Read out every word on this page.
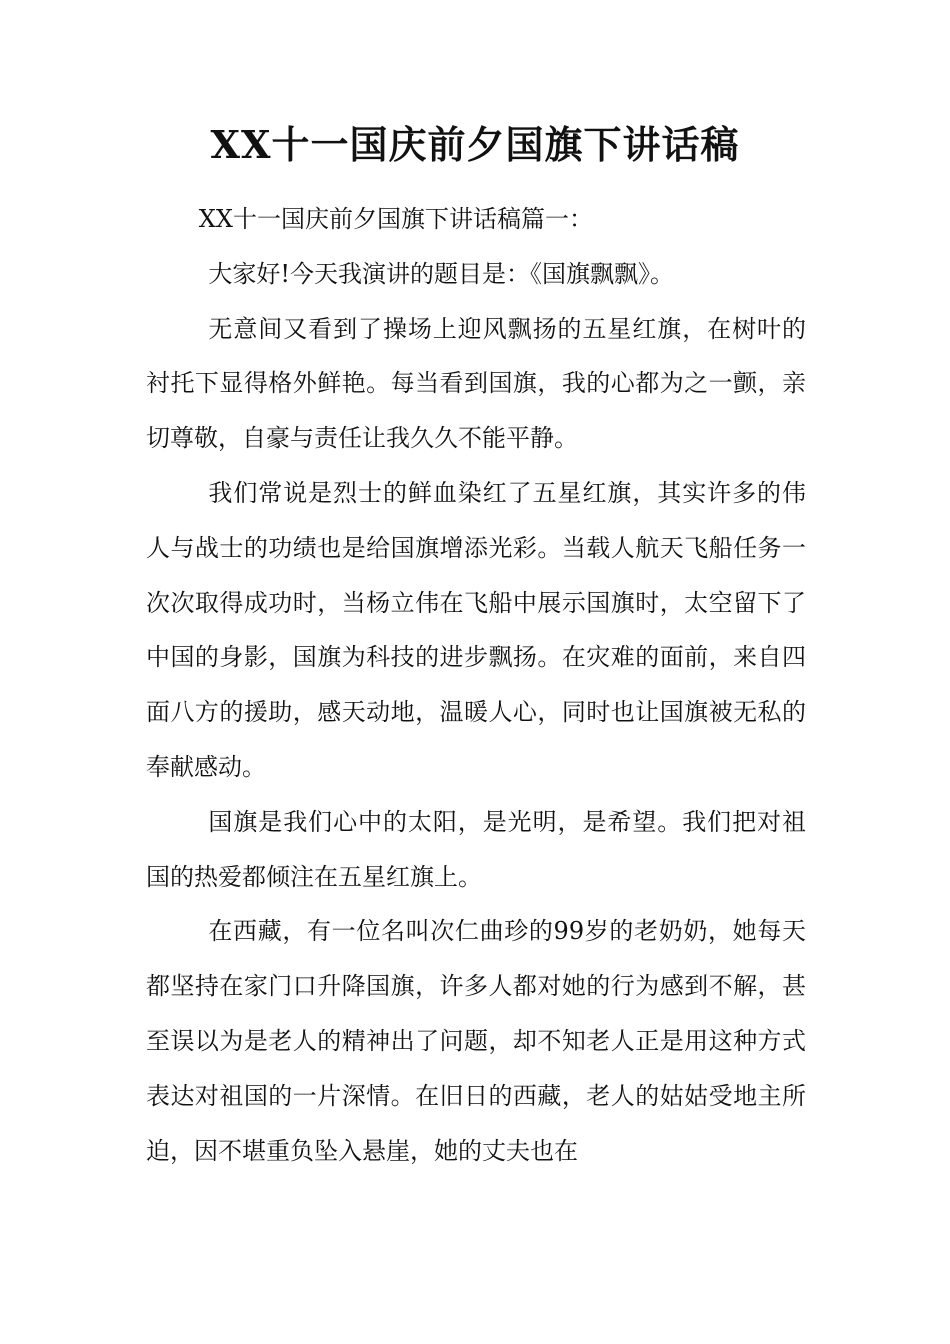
XX十一国庆前夕国旗下讲话稿

XX十一国庆前夕国旗下讲话稿篇一：

大家好!今天我演讲的题目是：《国旗飘飘》。

无意间又看到了操场上迎风飘扬的五星红旗，在树叶的衬托下显得格外鲜艳。每当看到国旗，我的心都为之一颤，亲切尊敬，自豪与责任让我久久不能平静。

我们常说是烈士的鲜血染红了五星红旗，其实许多的伟人与战士的功绩也是给国旗增添光彩。当载人航天飞船任务一次次取得成功时，当杨立伟在飞船中展示国旗时，太空留下了中国的身影，国旗为科技的进步飘扬。在灾难的面前，来自四面八方的援助，感天动地，温暖人心，同时也让国旗被无私的奉献感动。

国旗是我们心中的太阳，是光明，是希望。我们把对祖国的热爱都倾注在五星红旗上。

在西藏，有一位名叫次仁曲珍的99岁的老奶奶，她每天都坚持在家门口升降国旗，许多人都对她的行为感到不解，甚至误以为是老人的精神出了问题，却不知老人正是用这种方式表达对祖国的一片深情。在旧日的西藏，老人的姑姑受地主所迫，因不堪重负坠入悬崖，她的丈夫也在
